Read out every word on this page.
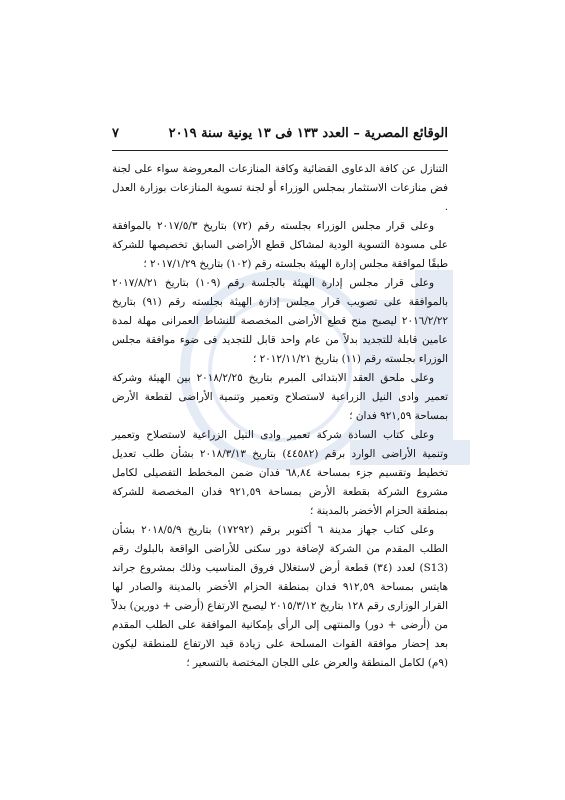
الوقائع المصرية – العدد ١٣٣ فى ١٣ يونية سنة ٢٠١٩
٧

التنازل عن كافة الدعاوى القضائية وكافة المنازعات المعروضة سواء على لجنة فض منازعات الاستثمار بمجلس الوزراء أو لجنة تسوية المنازعات بوزارة العدل .

وعلى قرار مجلس الوزراء بجلسته رقم (٧٢) بتاريخ ٢٠١٧/٥/٣ بالموافقة على مسودة التسوية الودية لمشاكل قطع الأراضى السابق تخصيصها للشركة طبقًا لموافقة مجلس إدارة الهيئة بجلسته رقم (١٠٢) بتاريخ ٢٠١٧/١/٢٩ ؛

وعلى قرار مجلس إدارة الهيئة بالجلسة رقم (١٠٩) بتاريخ ٢٠١٧/٨/٢١ بالموافقة على تصويب قرار مجلس إدارة الهيئة بجلسته رقم (٩١) بتاريخ ٢٠١٦/٢/٢٢ ليصبح منح قطع الأراضى المخصصة للنشاط العمرانى مهلة لمدة عامين قابلة للتجديد بدلاً من عام واحد قابل للتجديد فى ضوء موافقة مجلس الوزراء بجلسته رقم (١١) بتاريخ ٢٠١٢/١١/٢١ ؛

وعلى ملحق العقد الابتدائى المبرم بتاريخ ٢٠١٨/٢/٢٥ بين الهيئة وشركة تعمير وادى النيل الزراعية لاستصلاح وتعمير وتنمية الأراضى لقطعة الأرض بمساحة ٩٢١,٥٩ فدان ؛

وعلى كتاب السادة شركة تعمير وادى النيل الزراعية لاستصلاح وتعمير وتنمية الأراضى الوارد برقم (٤٤٥٨٢) بتاريخ ٢٠١٨/٣/١٣ بشأن طلب تعديل تخطيط وتقسيم جزء بمساحة ٦٨,٨٤ فدان ضمن المخطط التفصيلى لكامل مشروع الشركة بقطعة الأرض بمساحة ٩٢١,٥٩ فدان المخصصة للشركة بمنطقة الحزام الأخضر بالمدينة ؛

وعلى كتاب جهاز مدينة ٦ أكتوبر برقم (١٧٢٩٢) بتاريخ ٢٠١٨/٥/٩ بشأن الطلب المقدم من الشركة لإضافة دور سكنى للأراضى الواقعة بالبلوك رقم (S13) لعدد (٣٤) قطعة أرض لاستغلال فروق المناسيب وذلك بمشروع جراند هايتس بمساحة ٩١٢,٥٩ فدان بمنطقة الحزام الأخضر بالمدينة والصادر لها القرار الوزارى رقم ١٢٨ بتاريخ ٢٠١٥/٣/١٢ ليصبح الارتفاع (أرضى + دورين) بدلاً من (أرضى + دور) والمنتهى إلى الرأى بإمكانية الموافقة على الطلب المقدم بعد إحضار موافقة القوات المسلحة على زيادة قيد الارتفاع للمنطقة ليكون (٩م) لكامل المنطقة والعرض على اللجان المختصة بالتسعير ؛
